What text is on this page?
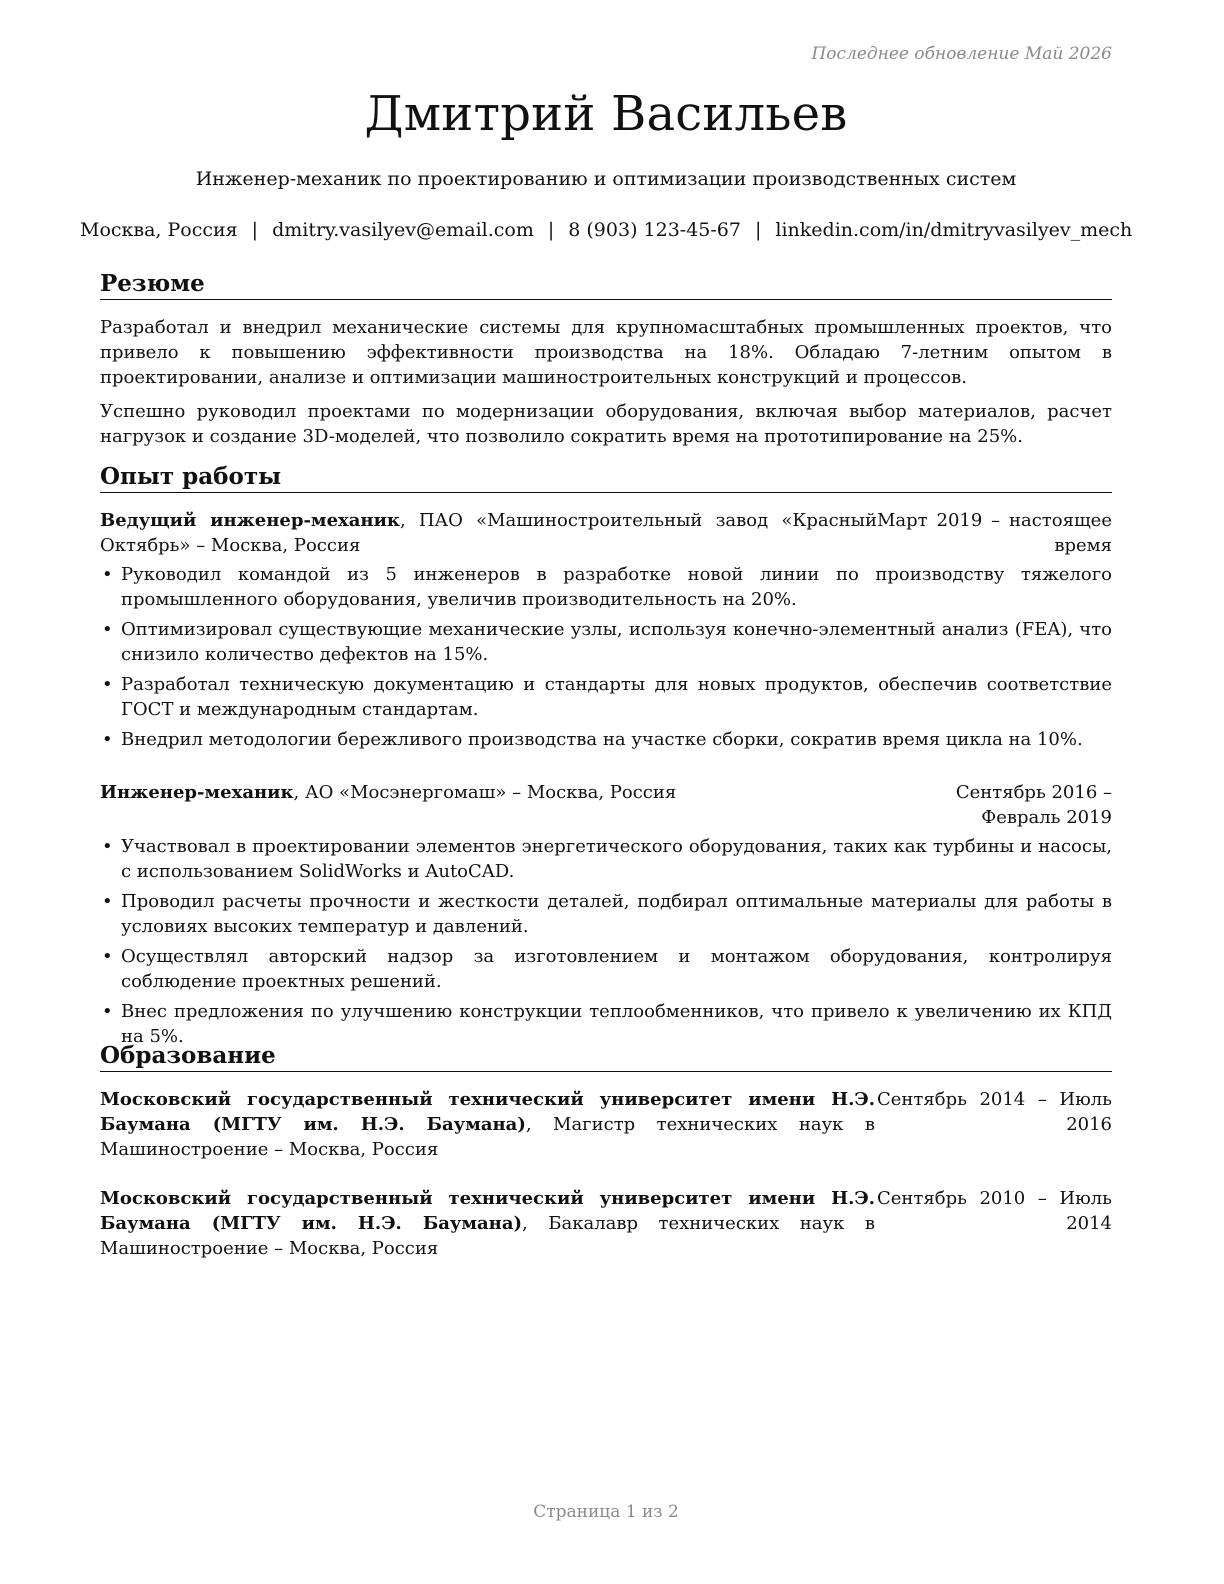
Последнее обновление Май 2026
Дмитрий Васильев
Инженер-механик по проектированию и оптимизации производственных систем
Москва, Россия | dmitry.vasilyev@email.com | 8 (903) 123-45-67 | linkedin.com/in/dmitryvasilyev_mech
Резюме
Разработал и внедрил механические системы для крупномасштабных промышленных проектов, что привело к повышению эффективности производства на 18%. Обладаю 7-летним опытом в проектировании, анализе и оптимизации машиностроительных конструкций и процессов.
Успешно руководил проектами по модернизации оборудования, включая выбор материалов, расчет нагрузок и создание 3D-моделей, что позволило сократить время на прототипирование на 25%.
Опыт работы
Ведущий инженер-механик, ПАО «Машиностроительный завод «Красный Октябрь» – Москва, Россия
Март 2019 – настоящее время
• Руководил командой из 5 инженеров в разработке новой линии по производству тяжелого промышленного оборудования, увеличив производительность на 20%.
• Оптимизировал существующие механические узлы, используя конечно-элементный анализ (FEA), что снизило количество дефектов на 15%.
• Разработал техническую документацию и стандарты для новых продуктов, обеспечив соответствие ГОСТ и международным стандартам.
• Внедрил методологии бережливого производства на участке сборки, сократив время цикла на 10%.
Инженер-механик, АО «Мосэнергомаш» – Москва, Россия	Сентябрь 2016 – Февраль 2019
• Участвовал в проектировании элементов энергетического оборудования, таких как турбины и насосы, с использованием SolidWorks и AutoCAD.
• Проводил расчеты прочности и жесткости деталей, подбирал оптимальные материалы для работы в условиях высоких температур и давлений.
• Осуществлял авторский надзор за изготовлением и монтажом оборудования, контролируя соблюдение проектных решений.
• Внес предложения по улучшению конструкции теплообменников, что привело к увеличению их КПД на 5%.
Образование
Московский государственный технический университет имени Н.Э. Баумана (МГТУ им. Н.Э. Баумана), Магистр технических наук в Машиностроение – Москва, Россия
Сентябрь 2014 – Июль 2016
Московский государственный технический университет имени Н.Э. Баумана (МГТУ им. Н.Э. Баумана), Бакалавр технических наук в Машиностроение – Москва, Россия
Сентябрь 2010 – Июль 2014
Страница 1 из 2
